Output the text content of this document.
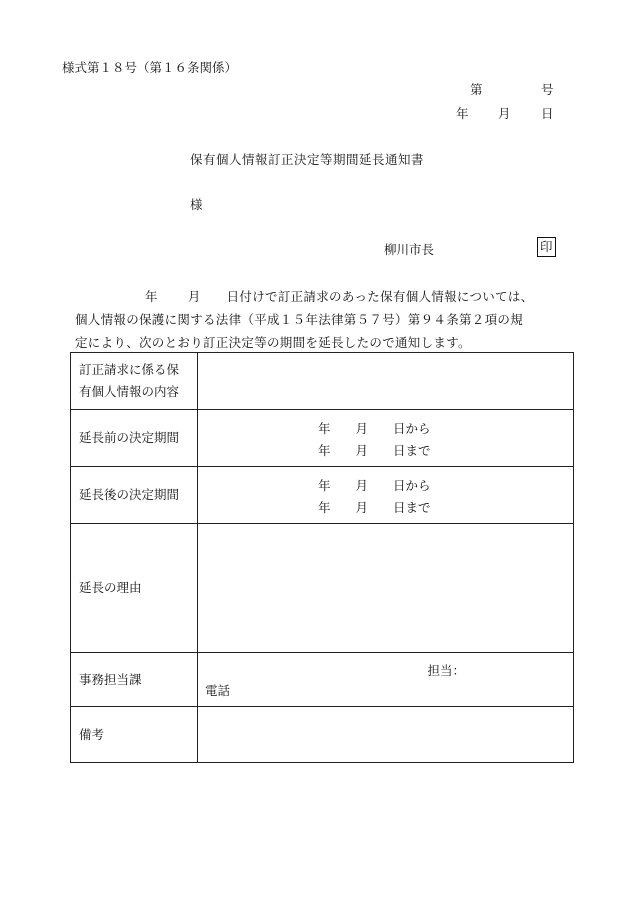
様式第１８号（第１６条関係）
第	号
年 月 日
保有個人情報訂正決定等期間延長通知書
様
柳川市長	印
年 月 日付けで訂正請求のあった保有個人情報については、
個人情報の保護に関する法律（平成１５年法律第５７号）第９４条第２項の規
定により、次のとおり訂正決定等の期間を延長したので通知します。
訂正請求に係る保
有個人情報の内容	

延長前の決定期間	年　　月　　日から
年　　月　　日まで

延長後の決定期間	年　　月　　日から
年　　月　　日まで

延長の理由	
事務担当課	担当：
電話

備考	
